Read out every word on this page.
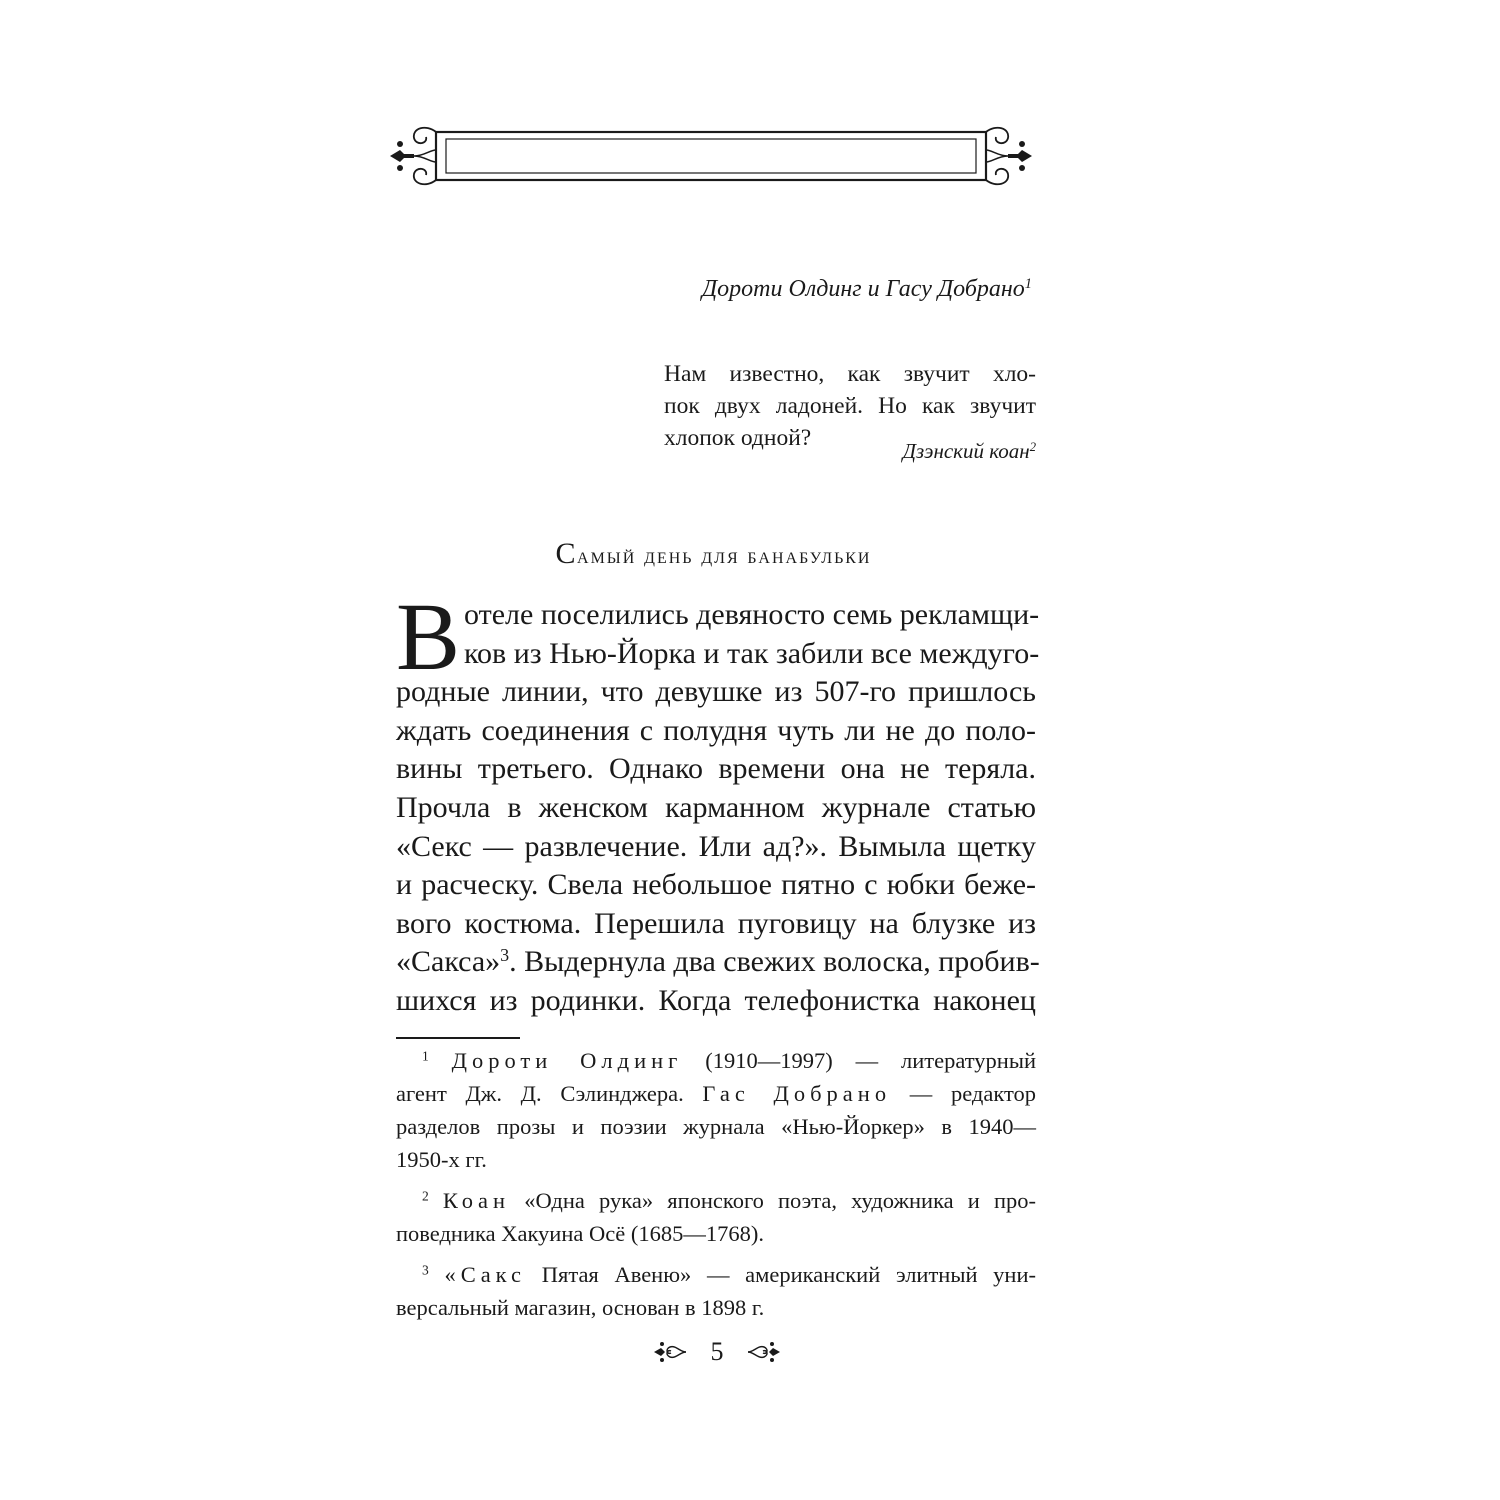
Дороти Олдинг и Гасу Добрано$^1$
Нам известно, как звучит хло-
пок двух ладоней. Но как звучит
хлопок одной?	Дзэнский коан$^2$
Самый день для банабульки
В отеле поселились девяносто семь рекламщи-
ков из Нью-Йорка и так забили все междуго-
родные линии, что девушке из 507-го пришлось
ждать соединения с полудня чуть ли не до поло-
вины третьего. Однако времени она не теряла.
Прочла в женском карманном журнале статью
«Секс — развлечение. Или ад?». Вымыла щетку
и расческу. Свела небольшое пятно с юбки беже-
вого костюма. Перешила пуговицу на блузке из
«Сакса»$^3$. Выдернула два свежих волоска, пробив-
шихся из родинки. Когда телефонистка наконец
$^1$ Дороти Олдинг (1910—1997) — литературный
агент Дж. Д. Сэлинджера. Гас Добрано — редактор
разделов прозы и поэзии журнала «Нью-Йоркер» в 1940—
1950-х гг.
$^2$ Коан «Одна рука» японского поэта, художника и про-
поведника Хакуина Осё (1685—1768).
$^3$ «Сакс Пятая Авеню» — американский элитный уни-
версальный магазин, основан в 1898 г.
5
